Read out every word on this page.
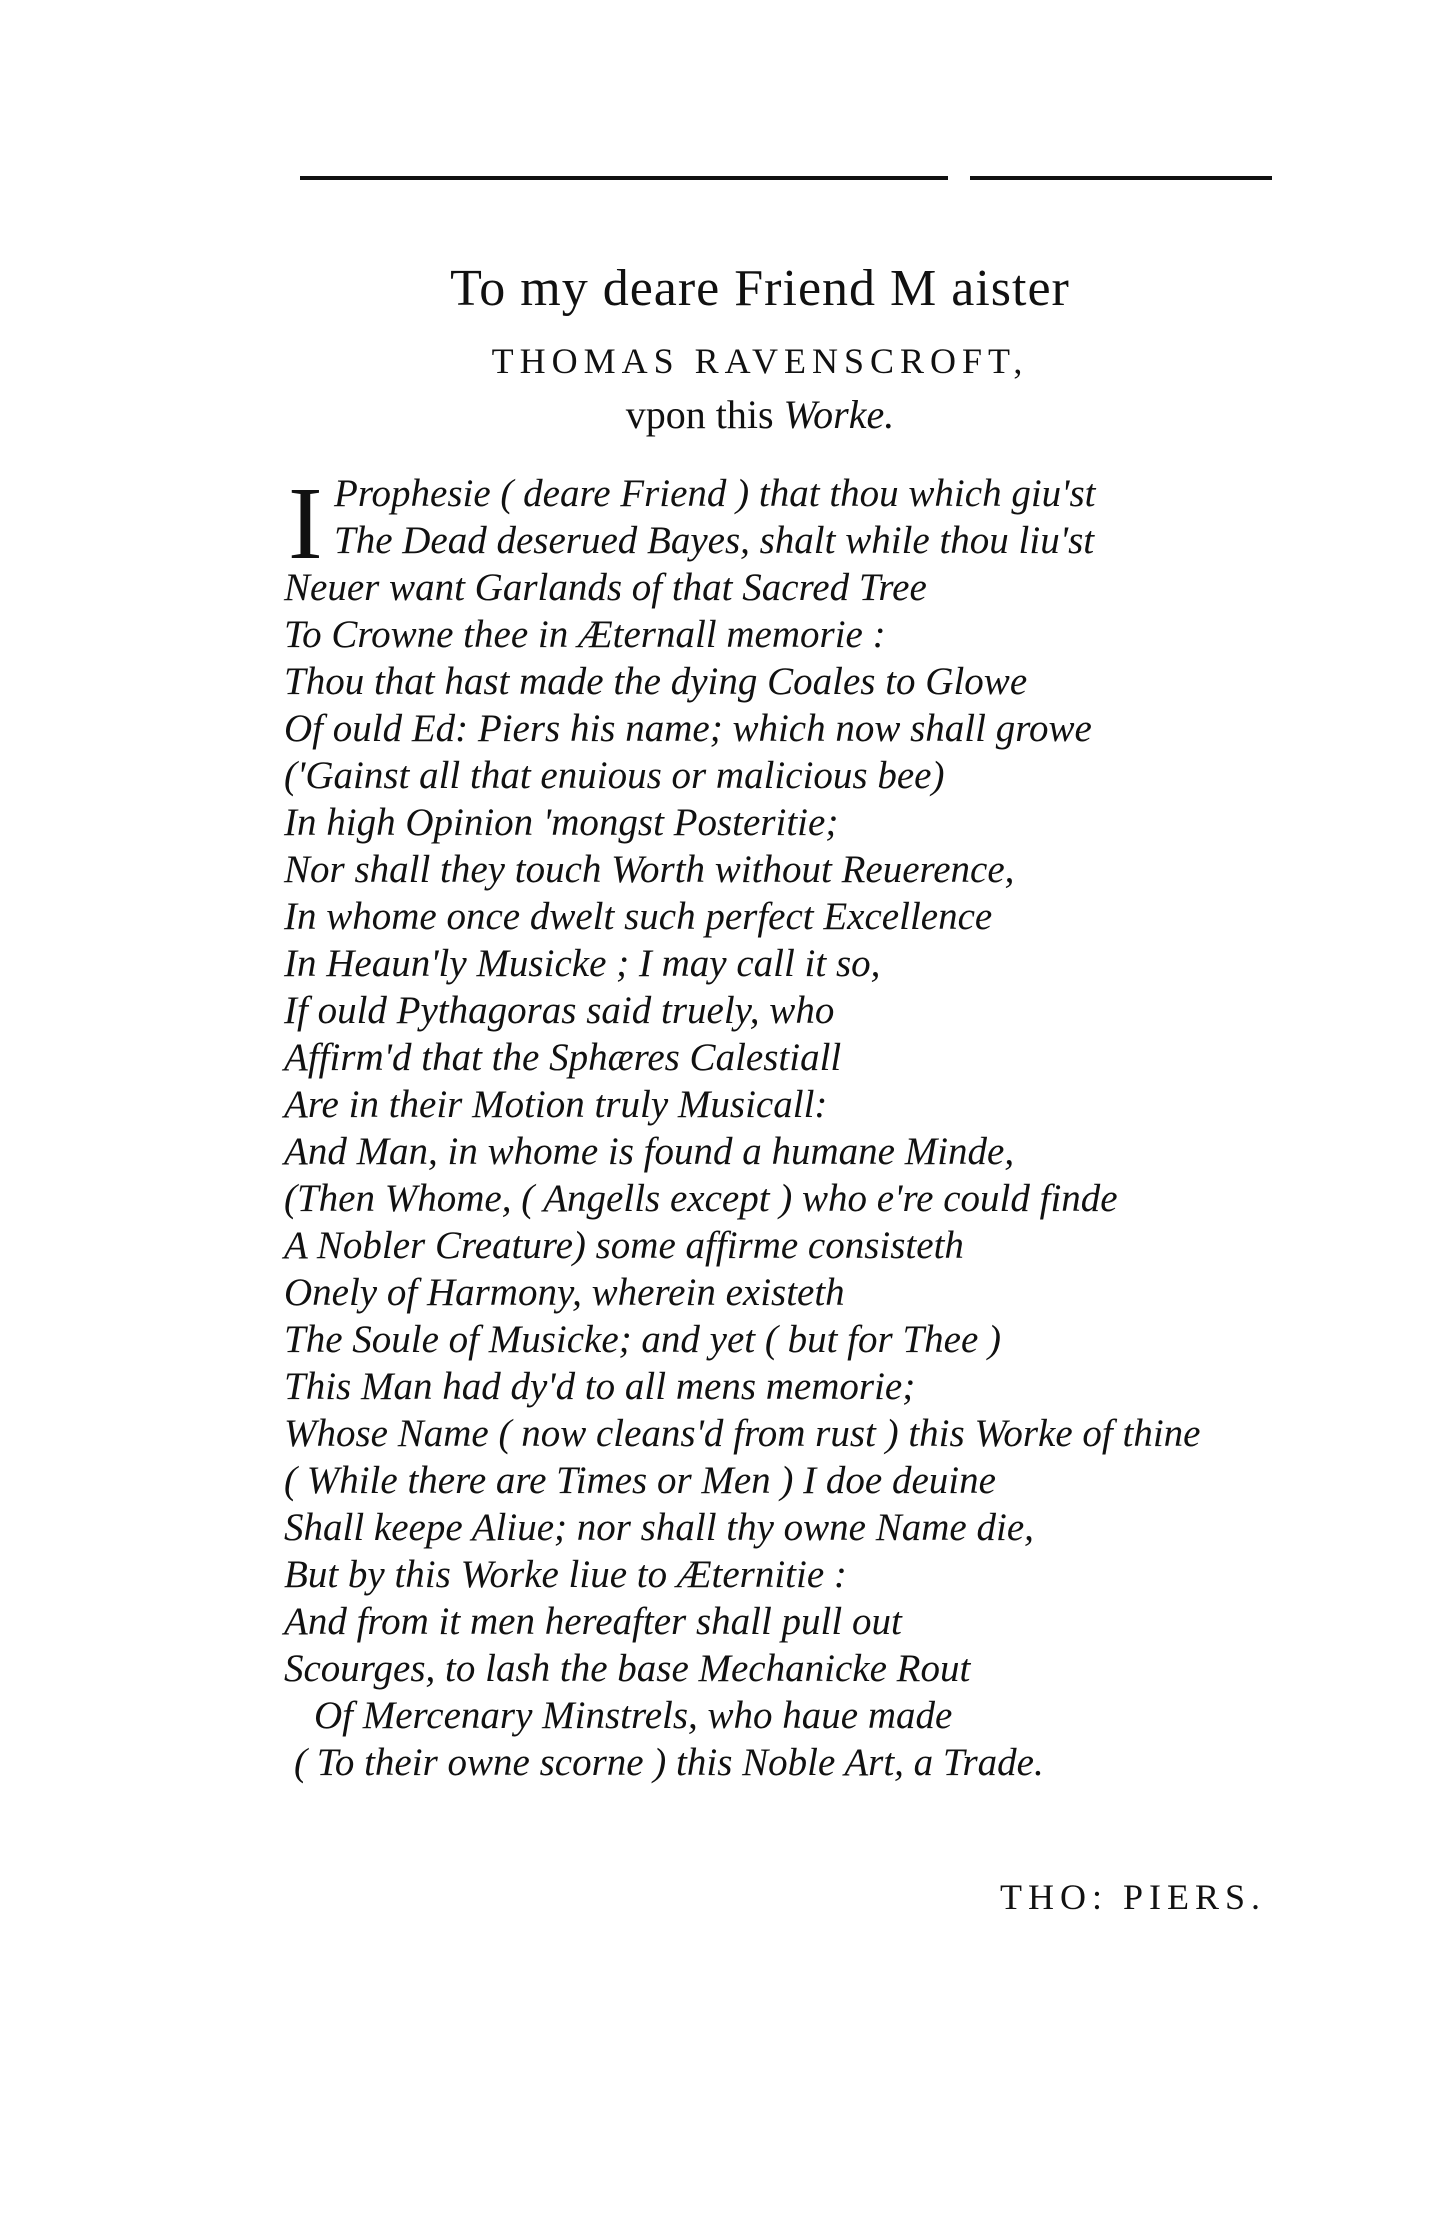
To my deare Friend M aister
THOMAS RAVENSCROFT,
vpon this Worke.
I Prophesie ( deare Friend ) that thou which giu'st
The Dead deserued Bayes, shalt while thou liu'st
Neuer want Garlands of that Sacred Tree
To Crowne thee in Æternall memorie :
Thou that hast made the dying Coales to Glowe
Of ould Ed: Piers his name; which now shall growe
('Gainst all that enuious or malicious bee)
In high Opinion 'mongst Posteritie;
Nor shall they touch Worth without Reuerence,
In whome once dwelt such perfect Excellence
In Heaun'ly Musicke ; I may call it so,
If ould Pythagoras said truely, who
Affirm'd that the Sphæres Calestiall
Are in their Motion truly Musicall:
And Man, in whome is found a humane Minde,
(Then Whome, ( Angells except ) who e're could finde
A Nobler Creature) some affirme consisteth
Onely of Harmony, wherein existeth
The Soule of Musicke; and yet ( but for Thee )
This Man had dy'd to all mens memorie;
Whose Name ( now cleans'd from rust ) this Worke of thine
( While there are Times or Men ) I doe deuine
Shall keepe Aliue; nor shall thy owne Name die,
But by this Worke liue to Æternitie :
And from it men hereafter shall pull out
Scourges, to lash the base Mechanicke Rout
Of Mercenary Minstrels, who haue made
( To their owne scorne ) this Noble Art, a Trade.
THO: PIERS.
